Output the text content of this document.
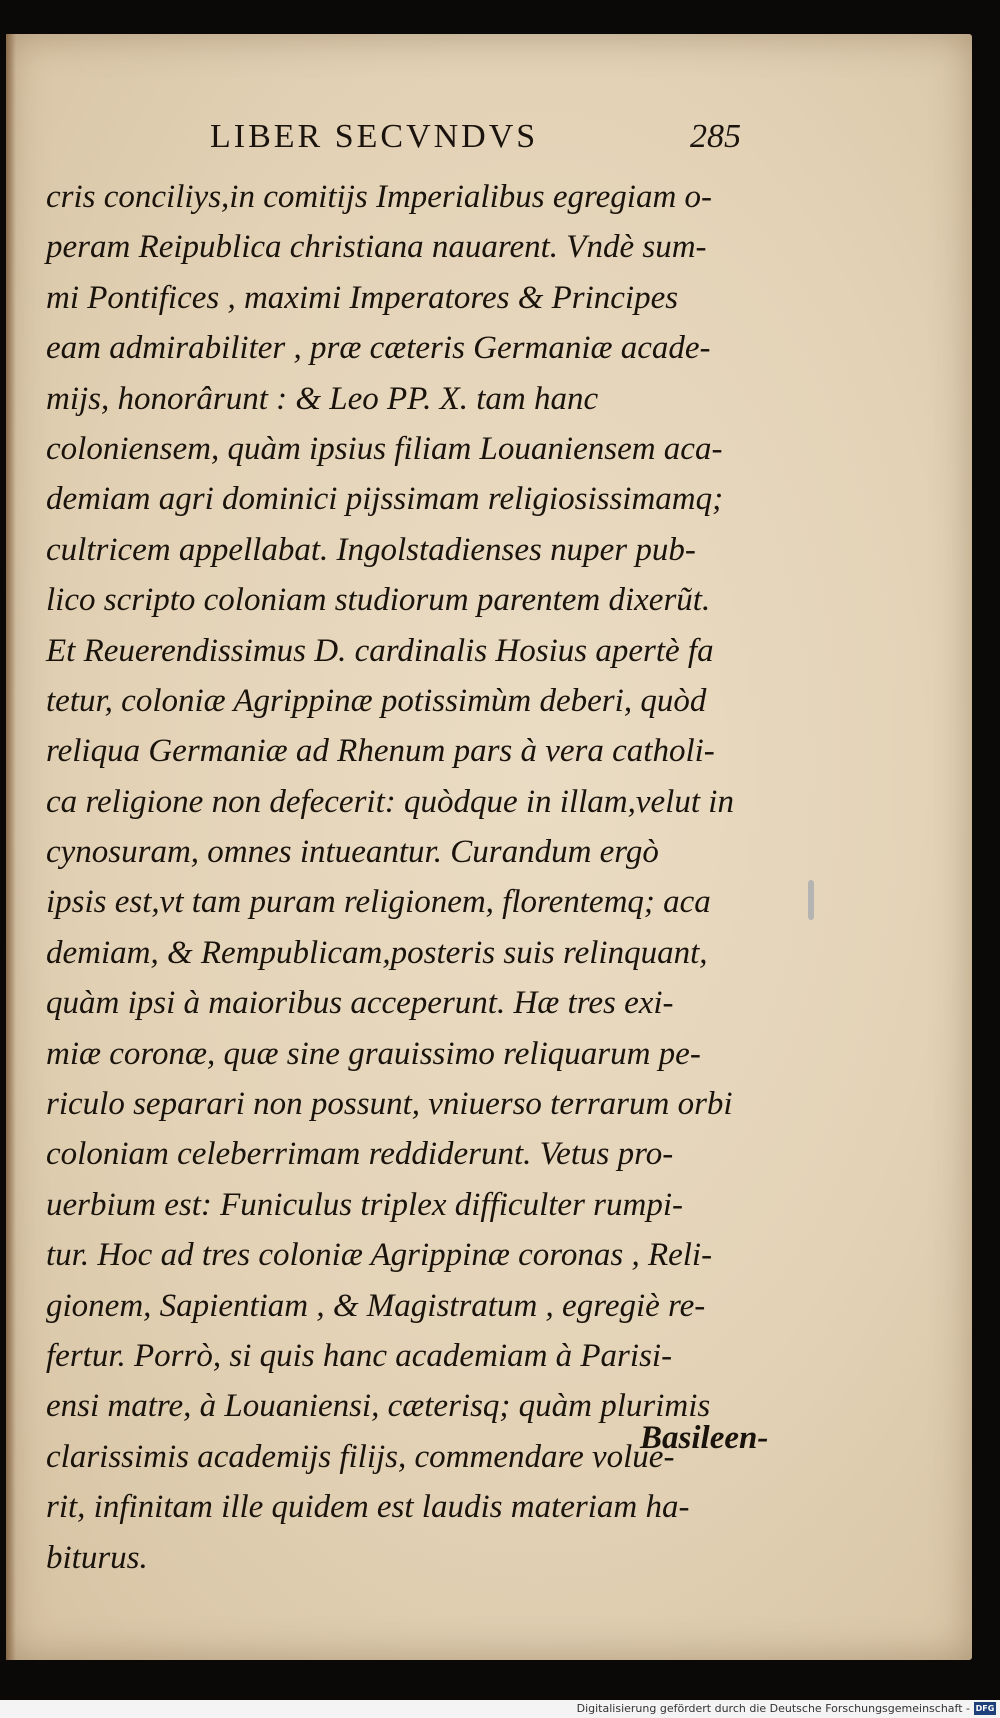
LIBER SECVNDVS	285
cris conciliys,in comitijs Imperialibus egregiam o-
peram Reipublica christiana nauarent. Vndè sum-
mi Pontifices , maximi Imperatores & Principes
eam admirabiliter , præ cæteris Germaniæ acade-
mijs, honorârunt : & Leo PP. X. tam hanc
coloniensem, quàm ipsius filiam Louaniensem aca-
demiam agri dominici pijssimam religiosissimamq;
cultricem appellabat. Ingolstadienses nuper pub-
lico scripto coloniam studiorum parentem dixerũt.
Et Reuerendissimus D. cardinalis Hosius apertè fa
tetur, coloniæ Agrippinæ potissimùm deberi, quòd
reliqua Germaniæ ad Rhenum pars à vera catholi-
ca religione non defecerit: quòdque in illam,velut in
cynosuram, omnes intueantur. Curandum ergò
ipsis est,vt tam puram religionem, florentemq; aca
demiam, & Rempublicam,posteris suis relinquant,
quàm ipsi à maioribus acceperunt. Hæ tres exi-
miæ coronæ, quæ sine grauissimo reliquarum pe-
riculo separari non possunt, vniuerso terrarum orbi
coloniam celeberrimam reddiderunt. Vetus pro-
uerbium est: Funiculus triplex difficulter rumpi-
tur. Hoc ad tres coloniæ Agrippinæ coronas , Reli-
gionem, Sapientiam , & Magistratum , egregiè re-
fertur. Porrò, si quis hanc academiam à Parisi-
ensi matre, à Louaniensi, cæterisq; quàm plurimis
clarissimis academijs filijs, commendare volue-
rit, infinitam ille quidem est laudis materiam ha-
biturus.
Basileen-
Digitalisierung gefördert durch die Deutsche Forschungsgemeinschaft - DFG
